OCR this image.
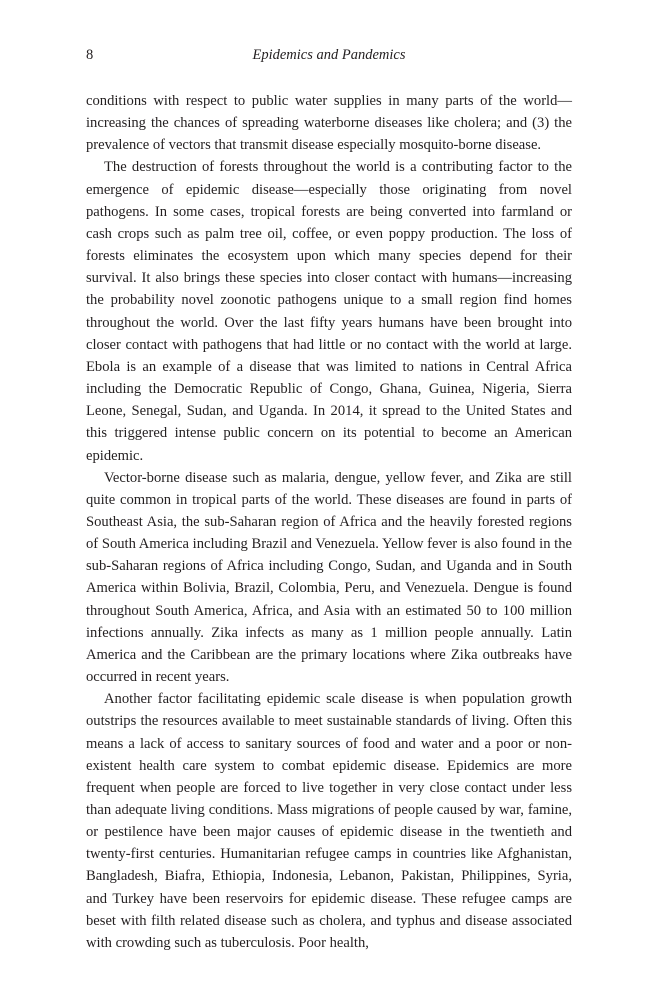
8	Epidemics and Pandemics

conditions with respect to public water supplies in many parts of the world—increasing the chances of spreading waterborne diseases like cholera; and (3) the prevalence of vectors that transmit disease especially mosquito-borne disease.

The destruction of forests throughout the world is a contributing factor to the emergence of epidemic disease—especially those originating from novel pathogens. In some cases, tropical forests are being converted into farmland or cash crops such as palm tree oil, coffee, or even poppy production. The loss of forests eliminates the ecosystem upon which many species depend for their survival. It also brings these species into closer contact with humans—increasing the probability novel zoonotic pathogens unique to a small region find homes throughout the world. Over the last fifty years humans have been brought into closer contact with pathogens that had little or no contact with the world at large. Ebola is an example of a disease that was limited to nations in Central Africa including the Democratic Republic of Congo, Ghana, Guinea, Nigeria, Sierra Leone, Senegal, Sudan, and Uganda. In 2014, it spread to the United States and this triggered intense public concern on its potential to become an American epidemic.

Vector-borne disease such as malaria, dengue, yellow fever, and Zika are still quite common in tropical parts of the world. These diseases are found in parts of Southeast Asia, the sub-Saharan region of Africa and the heavily forested regions of South America including Brazil and Venezuela. Yellow fever is also found in the sub-Saharan regions of Africa including Congo, Sudan, and Uganda and in South America within Bolivia, Brazil, Colombia, Peru, and Venezuela. Dengue is found throughout South America, Africa, and Asia with an estimated 50 to 100 million infections annually. Zika infects as many as 1 million people annually. Latin America and the Caribbean are the primary locations where Zika outbreaks have occurred in recent years.

Another factor facilitating epidemic scale disease is when population growth outstrips the resources available to meet sustainable standards of living. Often this means a lack of access to sanitary sources of food and water and a poor or non-existent health care system to combat epidemic disease. Epidemics are more frequent when people are forced to live together in very close contact under less than adequate living conditions. Mass migrations of people caused by war, famine, or pestilence have been major causes of epidemic disease in the twentieth and twenty-first centuries. Humanitarian refugee camps in countries like Afghanistan, Bangladesh, Biafra, Ethiopia, Indonesia, Lebanon, Pakistan, Philippines, Syria, and Turkey have been reservoirs for epidemic disease. These refugee camps are beset with filth related disease such as cholera, and typhus and disease associated with crowding such as tuberculosis. Poor health,
